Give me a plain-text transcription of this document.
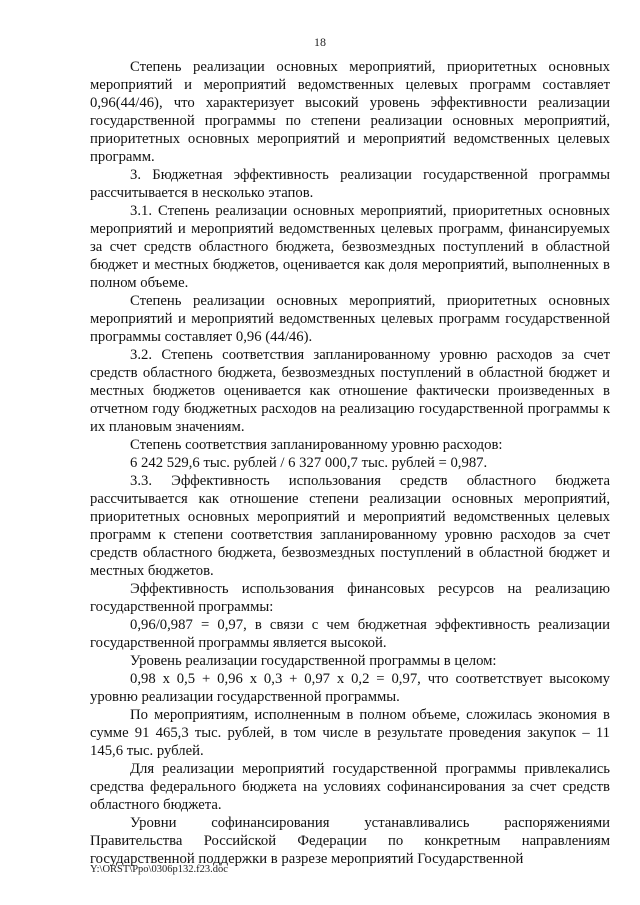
18

Степень реализации основных мероприятий, приоритетных основных мероприятий и мероприятий ведомственных целевых программ составляет 0,96(44/46), что характеризует высокий уровень эффективности реализации государственной программы по степени реализации основных мероприятий, приоритетных основных мероприятий и мероприятий ведомственных целевых программ.

3. Бюджетная эффективность реализации государственной программы рассчитывается в несколько этапов.

3.1. Степень реализации основных мероприятий, приоритетных основных мероприятий и мероприятий ведомственных целевых программ, финансируемых за счет средств областного бюджета, безвозмездных поступлений в областной бюджет и местных бюджетов, оценивается как доля мероприятий, выполненных в полном объеме.

Степень реализации основных мероприятий, приоритетных основных мероприятий и мероприятий ведомственных целевых программ государственной программы составляет 0,96 (44/46).

3.2. Степень соответствия запланированному уровню расходов за счет средств областного бюджета, безвозмездных поступлений в областной бюджет и местных бюджетов оценивается как отношение фактически произведенных в отчетном году бюджетных расходов на реализацию государственной программы к их плановым значениям.

Степень соответствия запланированному уровню расходов:

6 242 529,6 тыс. рублей / 6 327 000,7 тыс. рублей = 0,987.

3.3. Эффективность использования средств областного бюджета рассчитывается как отношение степени реализации основных мероприятий, приоритетных основных мероприятий и мероприятий ведомственных целевых программ к степени соответствия запланированному уровню расходов за счет средств областного бюджета, безвозмездных поступлений в областной бюджет и местных бюджетов.

Эффективность использования финансовых ресурсов на реализацию государственной программы:

0,96/0,987 = 0,97, в связи с чем бюджетная эффективность реализации государственной программы является высокой.

Уровень реализации государственной программы в целом:

0,98 x 0,5 + 0,96 x 0,3 + 0,97 x 0,2 = 0,97, что соответствует высокому уровню реализации государственной программы.

По мероприятиям, исполненным в полном объеме, сложилась экономия в сумме 91 465,3 тыс. рублей, в том числе в результате проведения закупок – 11 145,6 тыс. рублей.

Для реализации мероприятий государственной программы привлекались средства федерального бюджета на условиях софинансирования за счет средств областного бюджета.

Уровни софинансирования устанавливались распоряжениями Правительства Российской Федерации по конкретным направлениям государственной поддержки в разрезе мероприятий Государственной

Y:\ORST\Ppo\0306p132.f23.doc
